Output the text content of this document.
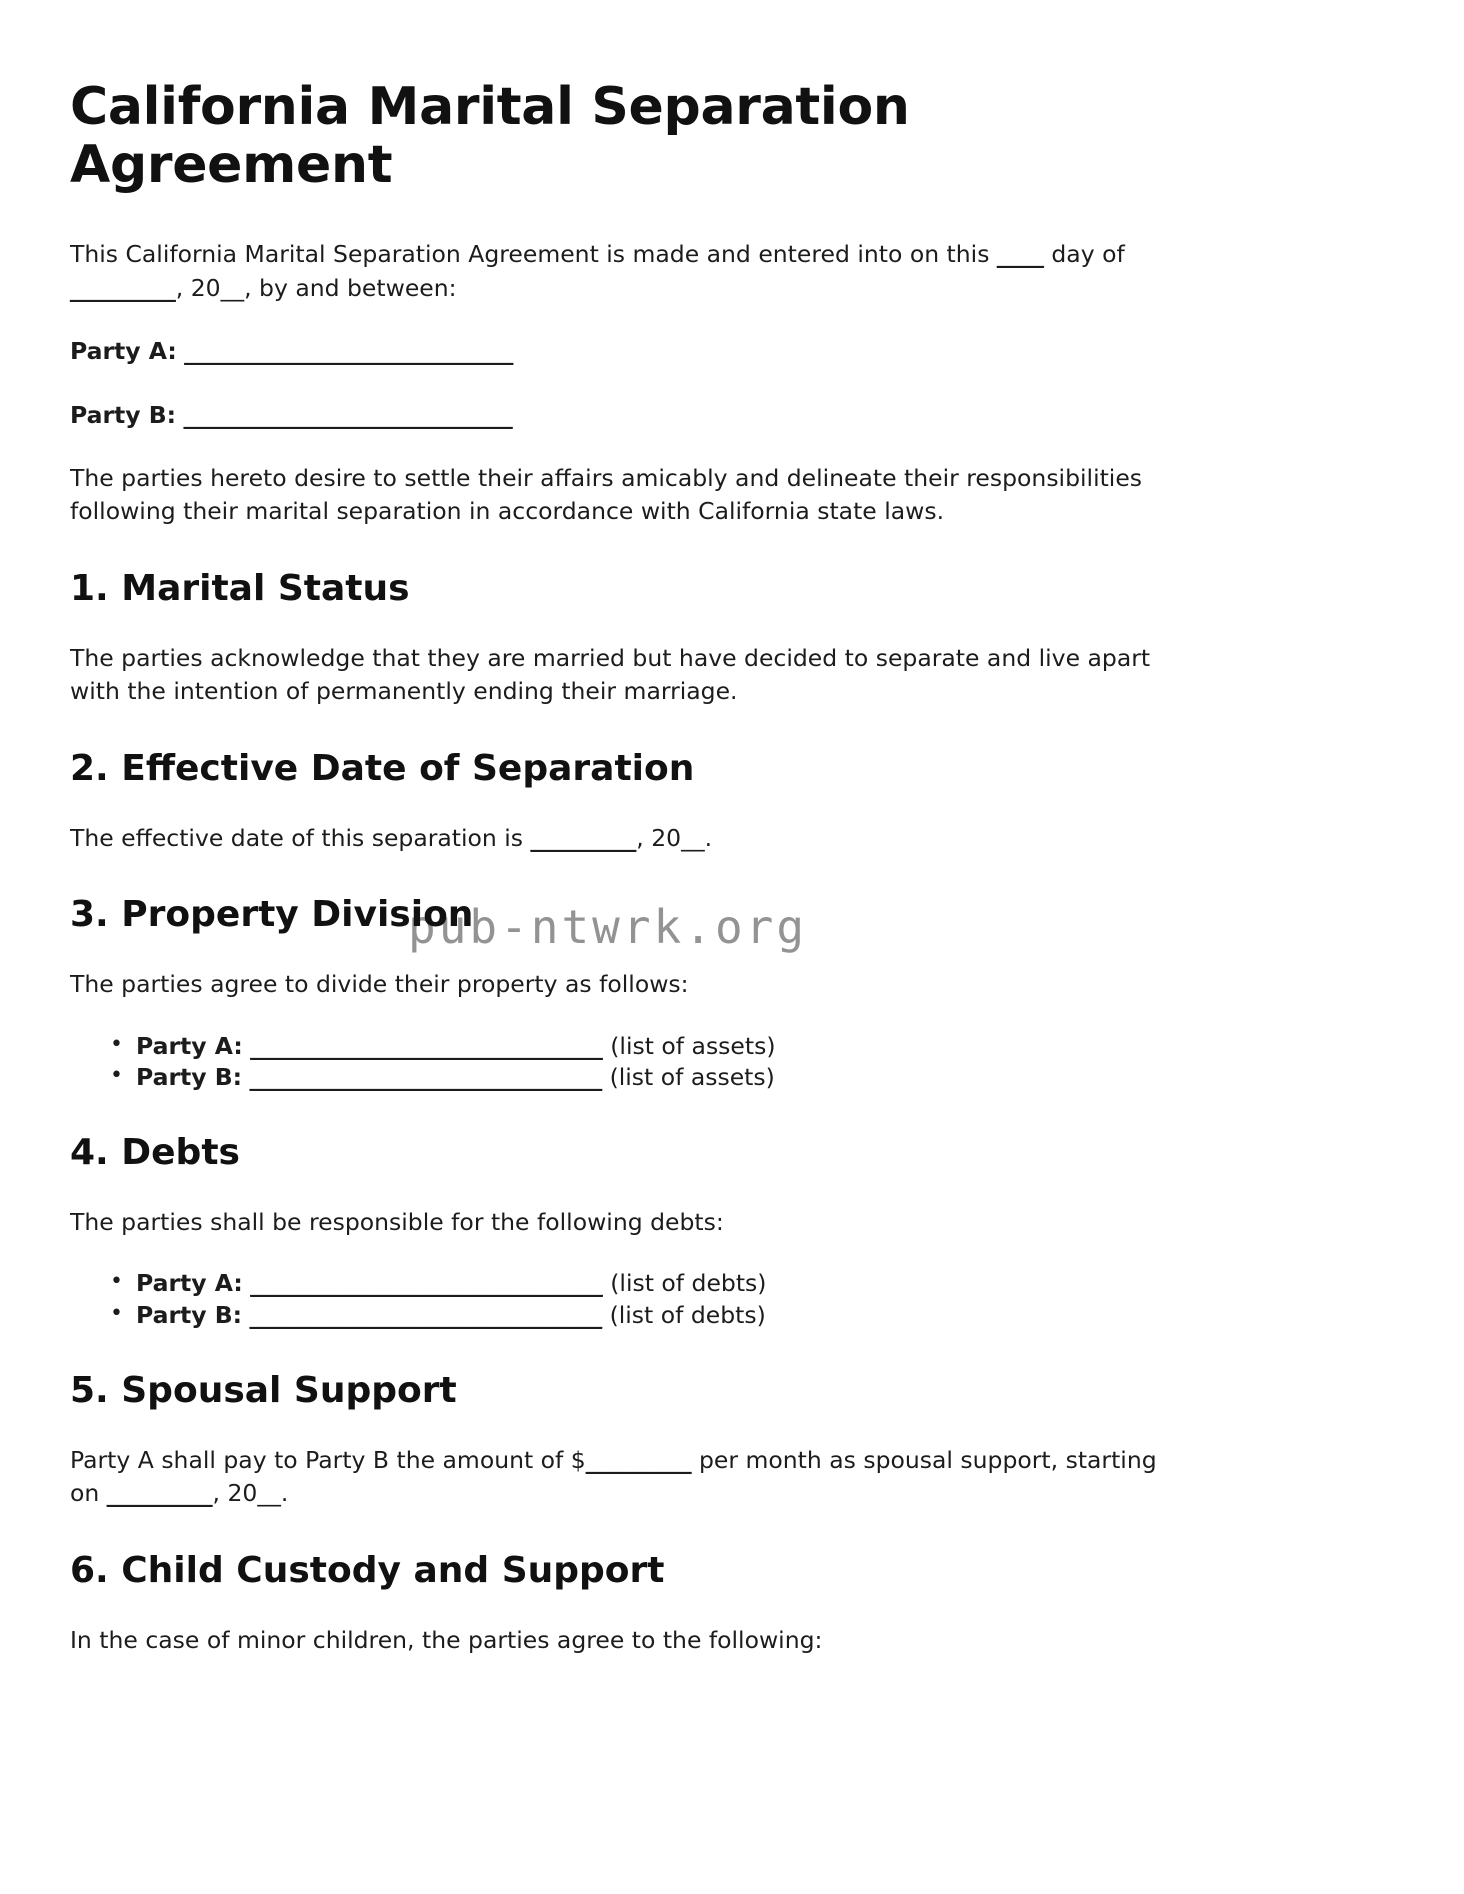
California Marital Separation Agreement

This California Marital Separation Agreement is made and entered into on this ____ day of _________, 20__, by and between:

Party A: ____________________________
Party B: ____________________________

The parties hereto desire to settle their affairs amicably and delineate their responsibilities following their marital separation in accordance with California state laws.

1. Marital Status

The parties acknowledge that they are married but have decided to separate and live apart with the intention of permanently ending their marriage.

2. Effective Date of Separation

The effective date of this separation is _________, 20__.

3. Property Division

The parties agree to divide their property as follows:

• Party A: ______________________________ (list of assets)
• Party B: ______________________________ (list of assets)
4. Debts

The parties shall be responsible for the following debts:

• Party A: ______________________________ (list of debts)
• Party B: ______________________________ (list of debts)
5. Spousal Support

Party A shall pay to Party B the amount of $_________ per month as spousal support, starting on _________, 20__.

6. Child Custody and Support

In the case of minor children, the parties agree to the following:

pub-ntwrk.org
